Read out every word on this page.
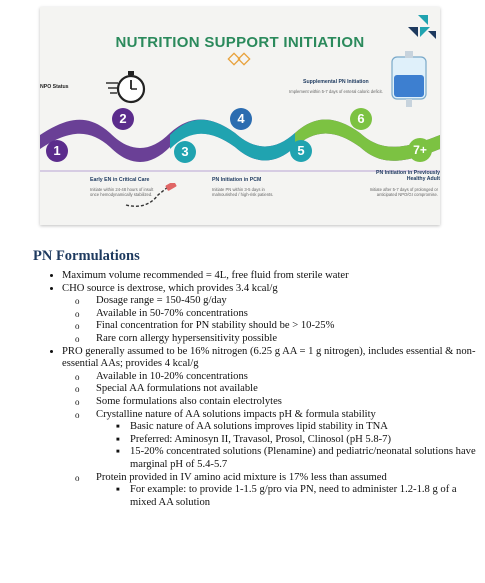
NUTRITION SUPPORT INITIATION
NPO Status
Supplemental PN Initiation
Implement within 5-7 days of enteral caloric deficit.
1
2
3
4
5
6
7+
Early EN in Critical Care
Initiate within 24-48 hours of insult once hemodynamically stabilized.
PN Initiation in PCM
Initiate PN within 3-5 days in malnourished / high-risk patients.
PN Initiation in Previously Healthy Adult
Initiate after 5-7 days of prolonged or anticipated NPO/GI compromise.
PN Formulations
• Maximum volume recommended = 4L, free fluid from sterile water
• CHO source is dextrose, which provides 3.4 kcal/g
o Dosage range = 150-450 g/day
o Available in 50-70% concentrations
o Final concentration for PN stability should be > 10-25%
o Rare corn allergy hypersensitivity possible
• PRO generally assumed to be 16% nitrogen (6.25 g AA = 1 g nitrogen), includes essential & non-essential AAs; provides 4 kcal/g
o Available in 10-20% concentrations
o Special AA formulations not available
o Some formulations also contain electrolytes
o Crystalline nature of AA solutions impacts pH & formula stability
■ Basic nature of AA solutions improves lipid stability in TNA
■ Preferred: Aminosyn II, Travasol, Prosol, Clinosol (pH 5.8-7)
■ 15-20% concentrated solutions (Plenamine) and pediatric/neonatal solutions have marginal pH of 5.4-5.7
o Protein provided in IV amino acid mixture is 17% less than assumed
■ For example: to provide 1-1.5 g/pro via PN, need to administer 1.2-1.8 g of a mixed AA solution
